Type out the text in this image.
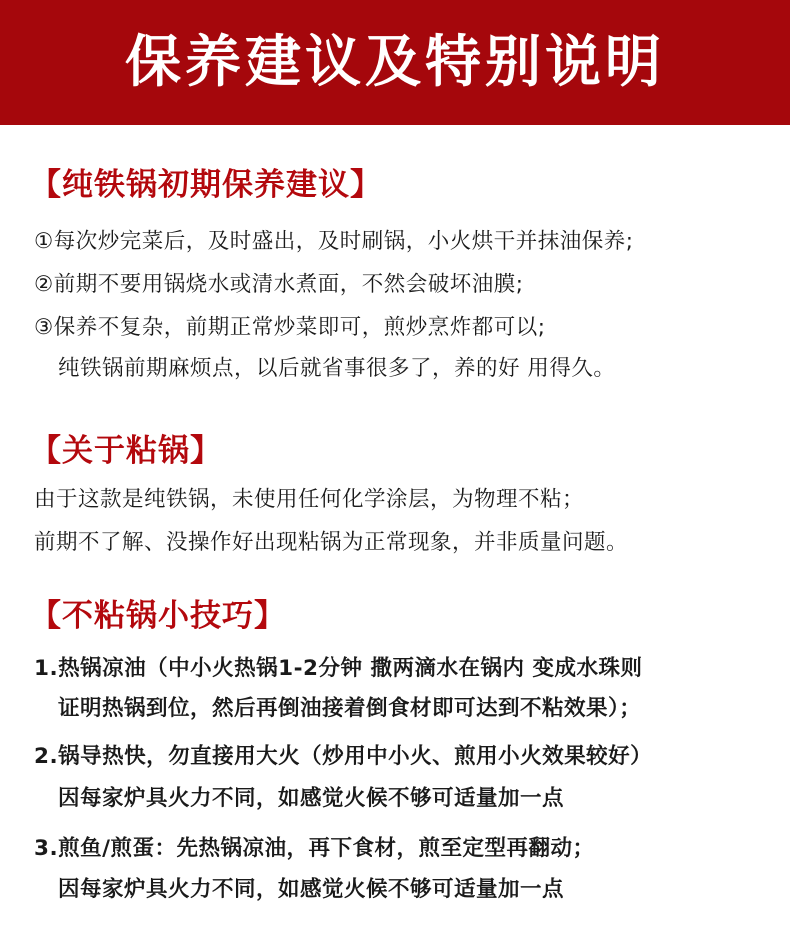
保养建议及特别说明
【纯铁锅初期保养建议】
①每次炒完菜后，及时盛出，及时刷锅，小火烘干并抹油保养;
②前期不要用锅烧水或清水煮面，不然会破坏油膜;
③保养不复杂，前期正常炒菜即可，煎炒烹炸都可以;
纯铁锅前期麻烦点，以后就省事很多了，养的好 用得久。
【关于粘锅】
由于这款是纯铁锅，未使用任何化学涂层，为物理不粘；
前期不了解、没操作好出现粘锅为正常现象，并非质量问题。
【不粘锅小技巧】
1.热锅凉油（中小火热锅1-2分钟 撒两滴水在锅内 变成水珠则
证明热锅到位，然后再倒油接着倒食材即可达到不粘效果）；
2.锅导热快，勿直接用大火（炒用中小火、煎用小火效果较好）
因每家炉具火力不同，如感觉火候不够可适量加一点
3.煎鱼/煎蛋：先热锅凉油，再下食材，煎至定型再翻动；
因每家炉具火力不同，如感觉火候不够可适量加一点
